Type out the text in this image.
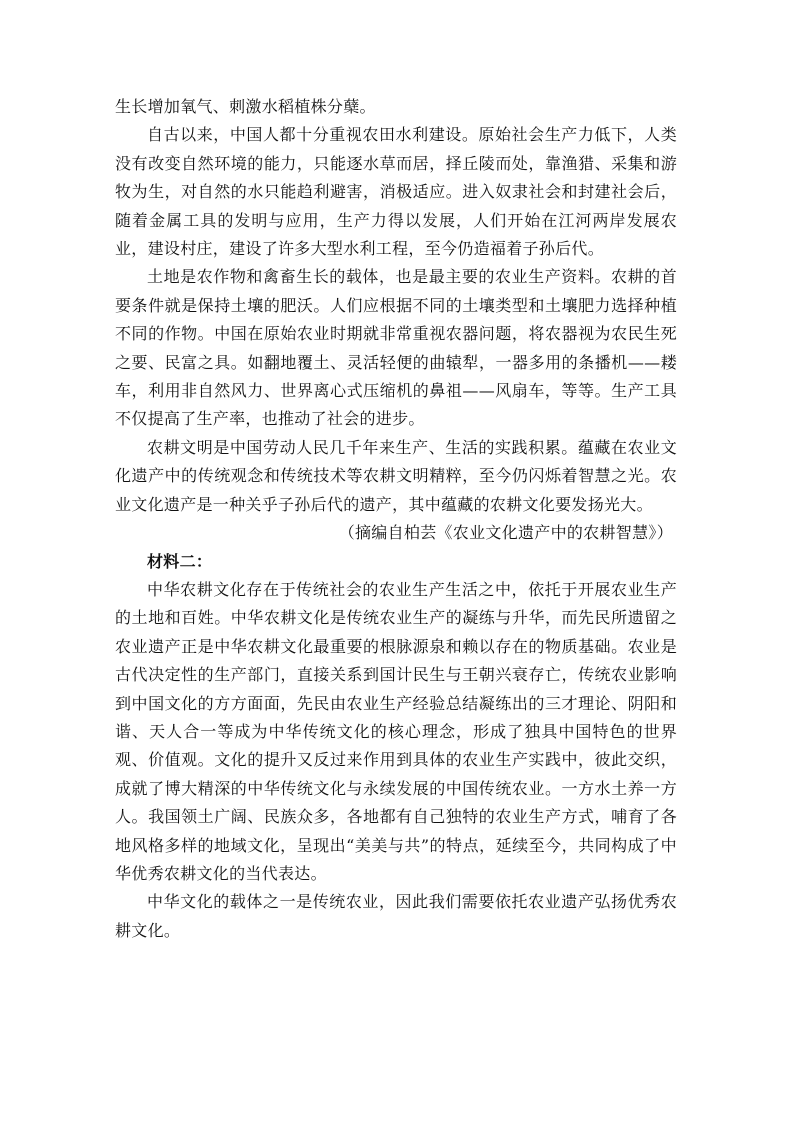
生长增加氧气、刺激水稻植株分蘖。

自古以来，中国人都十分重视农田水利建设。原始社会生产力低下，人类没有改变自然环境的能力，只能逐水草而居，择丘陵而处，靠渔猎、采集和游牧为生，对自然的水只能趋利避害，消极适应。进入奴隶社会和封建社会后，随着金属工具的发明与应用，生产力得以发展，人们开始在江河两岸发展农业，建设村庄，建设了许多大型水利工程，至今仍造福着子孙后代。

土地是农作物和禽畜生长的载体，也是最主要的农业生产资料。农耕的首要条件就是保持土壤的肥沃。人们应根据不同的土壤类型和土壤肥力选择种植不同的作物。中国在原始农业时期就非常重视农器问题，将农器视为农民生死之要、民富之具。如翻地覆土、灵活轻便的曲辕犁，一器多用的条播机——耧车，利用非自然风力、世界离心式压缩机的鼻祖——风扇车，等等。生产工具不仅提高了生产率，也推动了社会的进步。

农耕文明是中国劳动人民几千年来生产、生活的实践积累。蕴藏在农业文化遗产中的传统观念和传统技术等农耕文明精粹，至今仍闪烁着智慧之光。农业文化遗产是一种关乎子孙后代的遗产，其中蕴藏的农耕文化要发扬光大。

（摘编自柏芸《农业文化遗产中的农耕智慧》）

材料二：

中华农耕文化存在于传统社会的农业生产生活之中，依托于开展农业生产的土地和百姓。中华农耕文化是传统农业生产的凝练与升华，而先民所遗留之农业遗产正是中华农耕文化最重要的根脉源泉和赖以存在的物质基础。农业是古代决定性的生产部门，直接关系到国计民生与王朝兴衰存亡，传统农业影响到中国文化的方方面面，先民由农业生产经验总结凝练出的三才理论、阴阳和谐、天人合一等成为中华传统文化的核心理念，形成了独具中国特色的世界观、价值观。文化的提升又反过来作用到具体的农业生产实践中，彼此交织，成就了博大精深的中华传统文化与永续发展的中国传统农业。一方水土养一方人。我国领土广阔、民族众多，各地都有自己独特的农业生产方式，哺育了各地风格多样的地域文化，呈现出“美美与共”的特点，延续至今，共同构成了中华优秀农耕文化的当代表达。

中华文化的载体之一是传统农业，因此我们需要依托农业遗产弘扬优秀农耕文化。
